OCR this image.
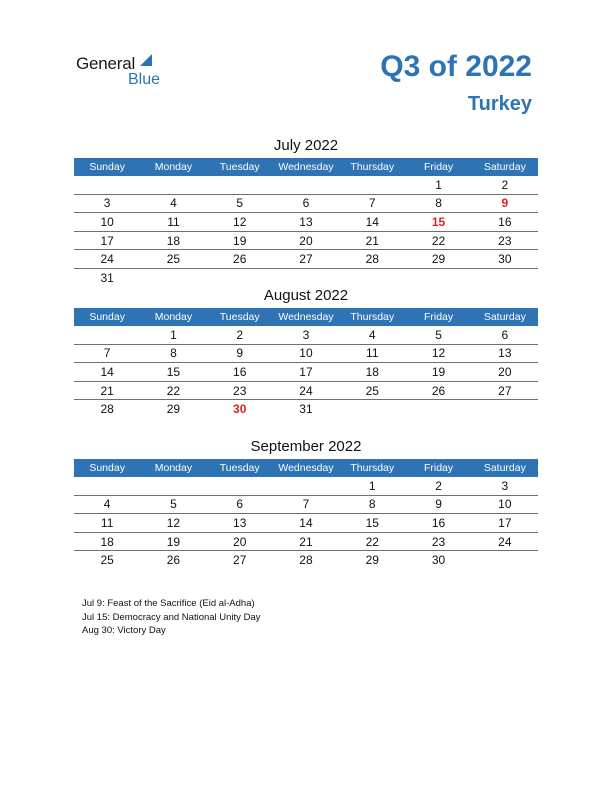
General
Blue	Q3 of 2022
Turkey
July 2022
Sunday	Monday	Tuesday	Wednesday	Thursday	Friday	Saturday
					1	2
3	4	5	6	7	8	9
10	11	12	13	14	15	16
17	18	19	20	21	22	23
24	25	26	27	28	29	30
31						
August 2022
Sunday	Monday	Tuesday	Wednesday	Thursday	Friday	Saturday
	1	2	3	4	5	6
7	8	9	10	11	12	13
14	15	16	17	18	19	20
21	22	23	24	25	26	27
28	29	30	31			
September 2022
Sunday	Monday	Tuesday	Wednesday	Thursday	Friday	Saturday
				1	2	3
4	5	6	7	8	9	10
11	12	13	14	15	16	17
18	19	20	21	22	23	24
25	26	27	28	29	30	
Jul 9: Feast of the Sacrifice (Eid al-Adha)
Jul 15: Democracy and National Unity Day
Aug 30: Victory Day
